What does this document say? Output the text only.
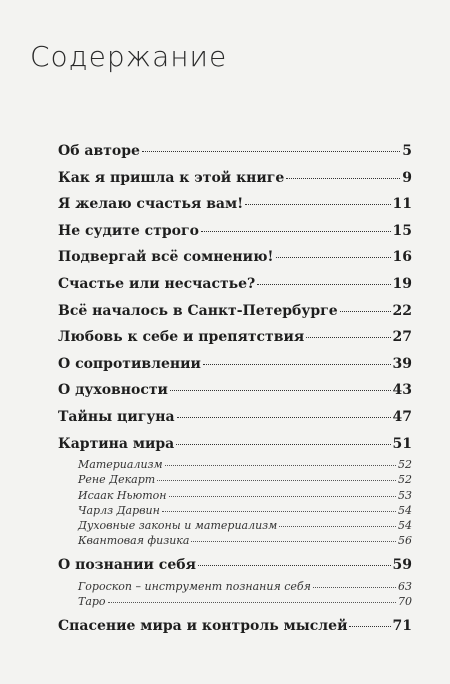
Содержание
Об авторе	5
Как я пришла к этой книге	9
Я желаю счастья вам!	11
Не судите строго	15
Подвергай всё сомнению!	16
Счастье или несчастье?	19
Всё началось в Санкт-Петербурге	22
Любовь к себе и препятствия	27
О сопротивлении	39
О духовности	43
Тайны цигуна	47
Картина мира	51
Материализм	52
Рене Декарт	52
Исаак Ньютон	53
Чарлз Дарвин	54
Духовные законы и материализм	54
Квантовая физика	56
О познании себя	59
Гороскоп – инструмент познания себя	63
Таро	70
Спасение мира и контроль мыслей	71
